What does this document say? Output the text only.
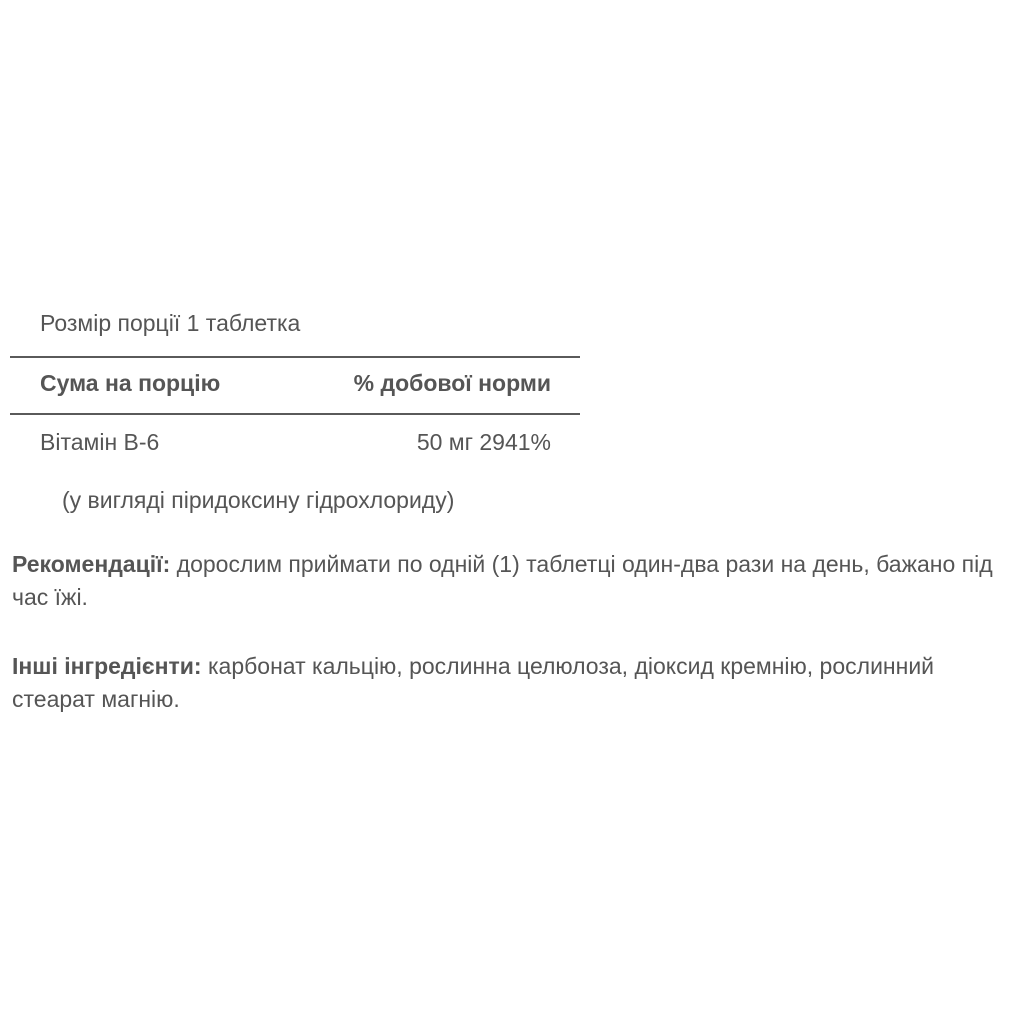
Розмір порції 1 таблетка
Сума на порцію	% добової норми
Вітамін В-6	50 мг 2941%
(у вигляді піридоксину гідрохлориду)
Рекомендації: дорослим приймати по одній (1) таблетці один-два рази на день, бажано під час їжі.
Інші інгредієнти: карбонат кальцію, рослинна целюлоза, діоксид кремнію, рослинний стеарат магнію.
